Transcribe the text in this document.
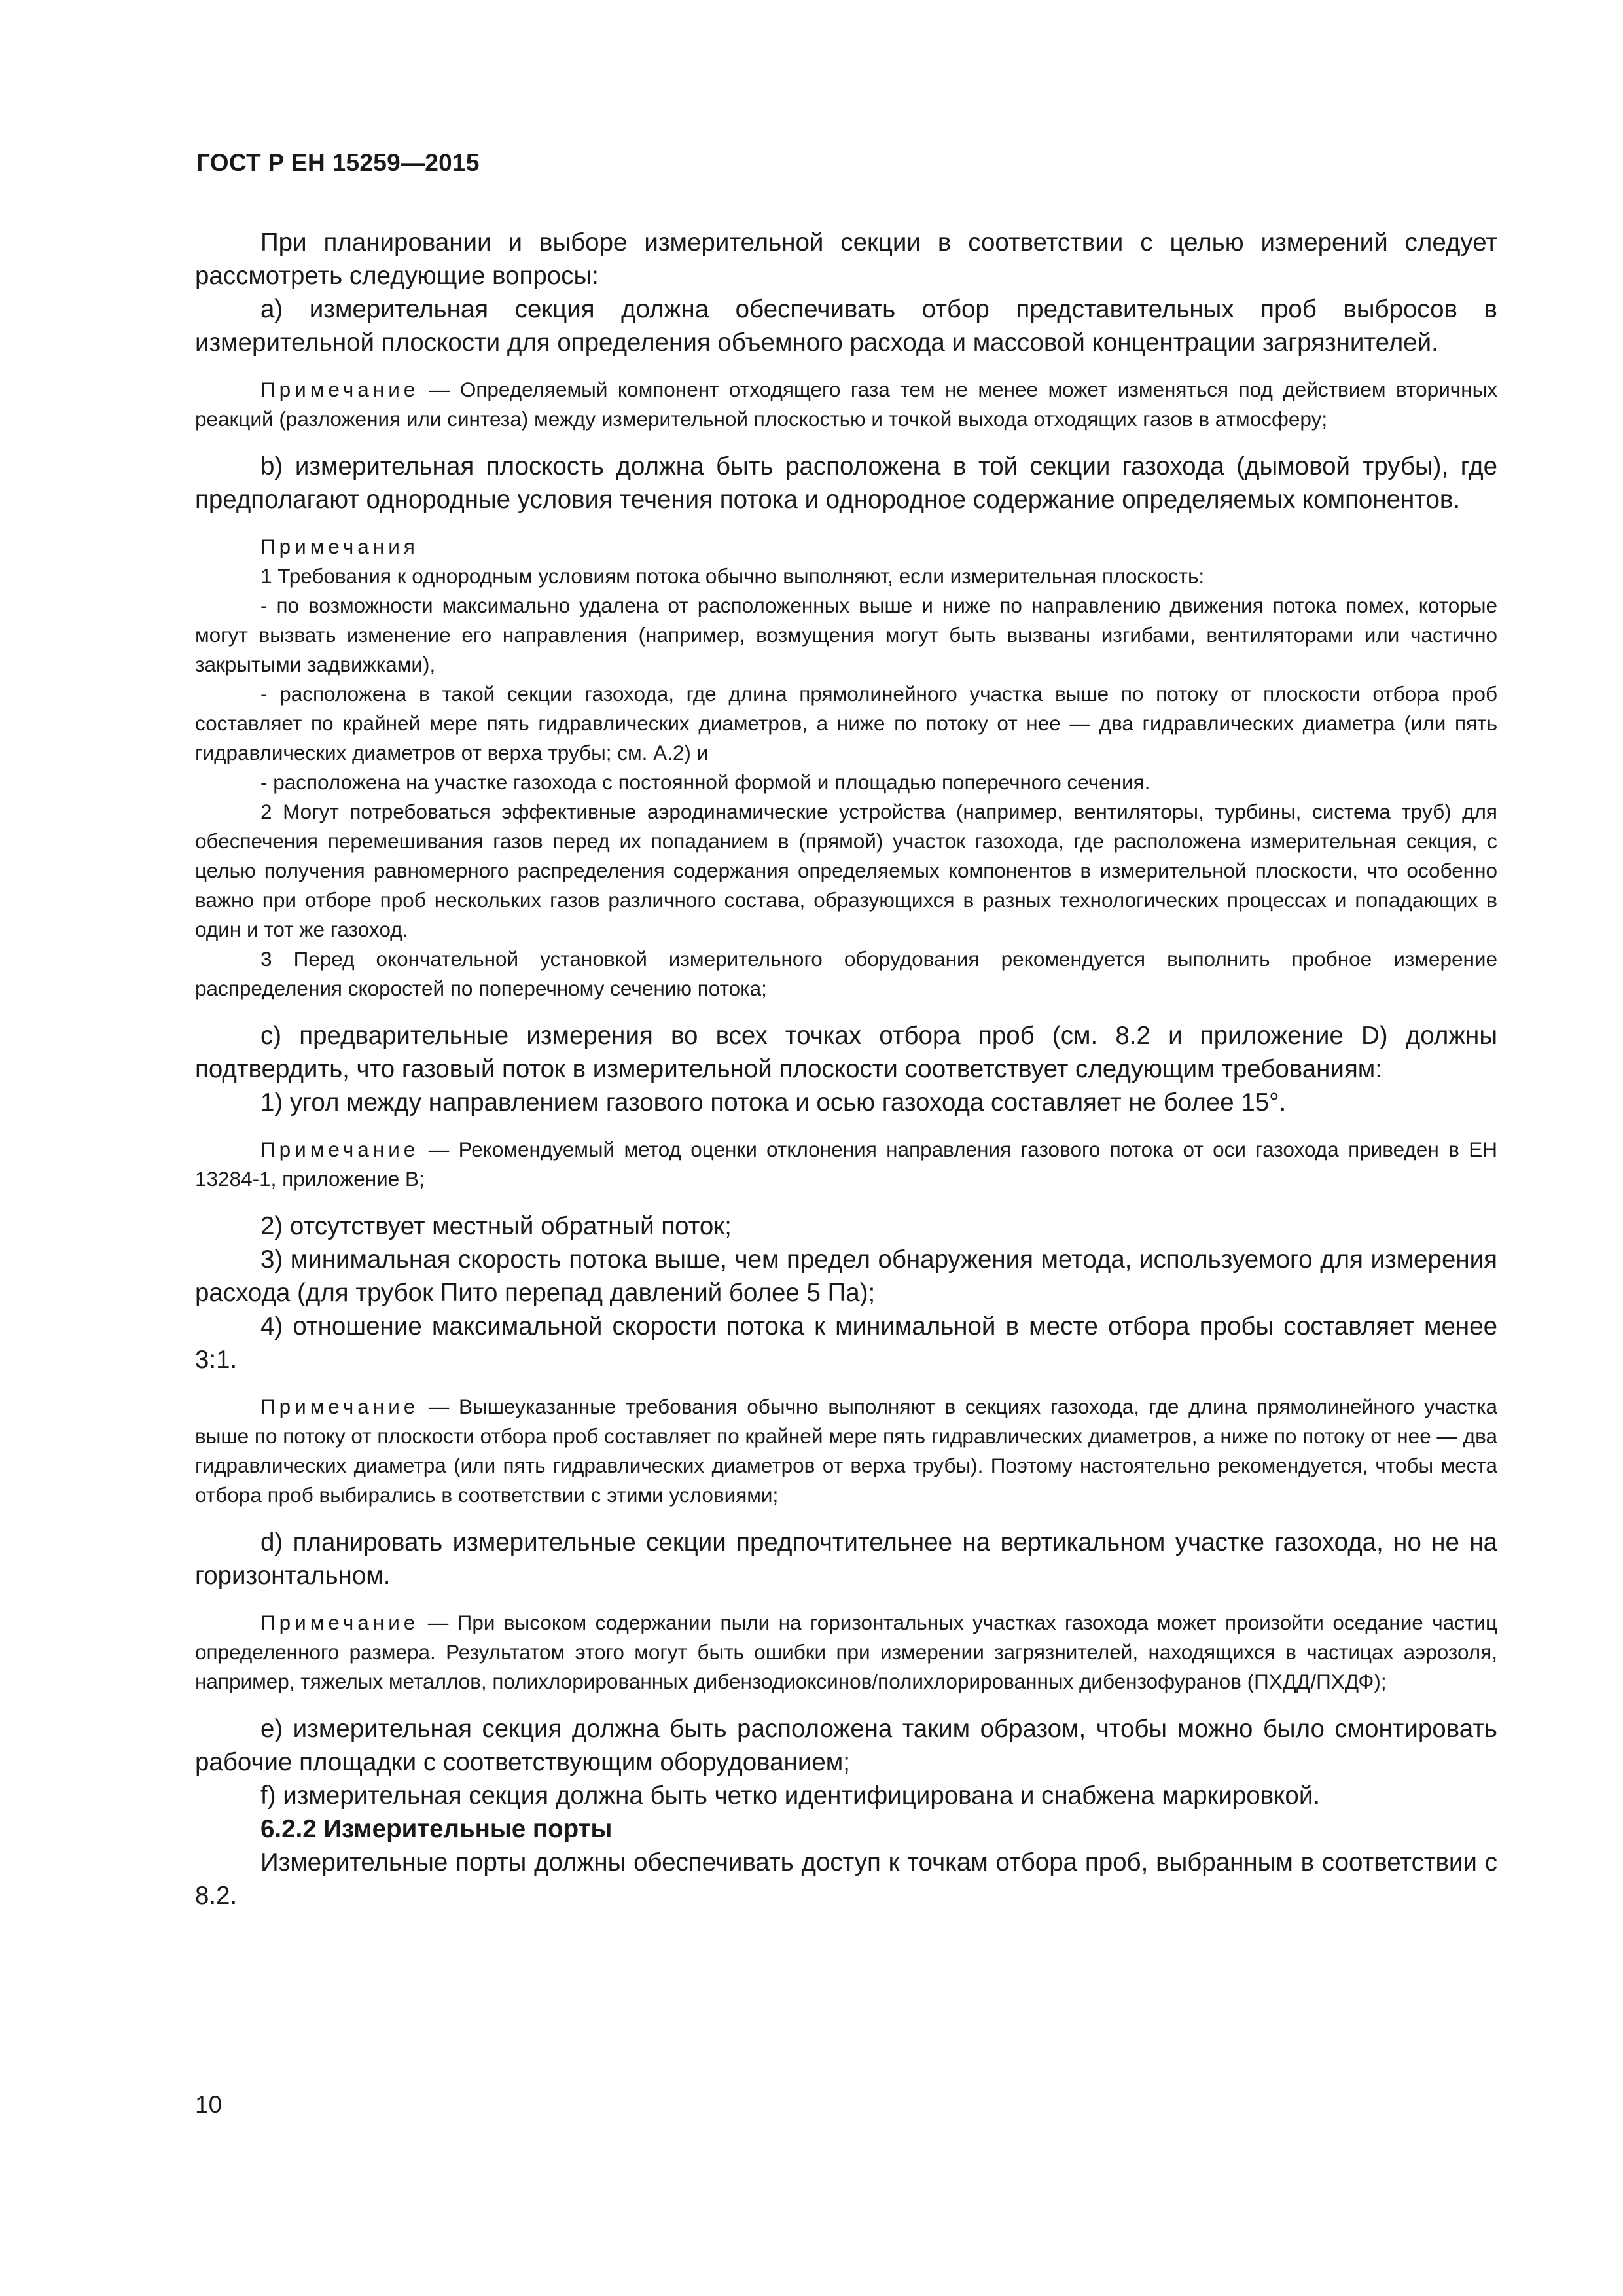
ГОСТ Р ЕН 15259—2015

При планировании и выборе измерительной секции в соответствии с целью измерений следует рассмотреть следующие вопросы:

а) измерительная секция должна обеспечивать отбор представительных проб выбросов в измерительной плоскости для определения объемного расхода и массовой концентрации загрязнителей.

Примечание — Определяемый компонент отходящего газа тем не менее может изменяться под действием вторичных реакций (разложения или синтеза) между измерительной плоскостью и точкой выхода отходящих газов в атмосферу;

b) измерительная плоскость должна быть расположена в той секции газохода (дымовой трубы), где предполагают однородные условия течения потока и однородное содержание определяемых компонентов.

Примечания

1 Требования к однородным условиям потока обычно выполняют, если измерительная плоскость:

- по возможности максимально удалена от расположенных выше и ниже по направлению движения потока помех, которые могут вызвать изменение его направления (например, возмущения могут быть вызваны изгибами, вентиляторами или частично закрытыми задвижками),

- расположена в такой секции газохода, где длина прямолинейного участка выше по потоку от плоскости отбора проб составляет по крайней мере пять гидравлических диаметров, а ниже по потоку от нее — два гидравлических диаметра (или пять гидравлических диаметров от верха трубы; см. А.2) и

- расположена на участке газохода с постоянной формой и площадью поперечного сечения.

2 Могут потребоваться эффективные аэродинамические устройства (например, вентиляторы, турбины, система труб) для обеспечения перемешивания газов перед их попаданием в (прямой) участок газохода, где расположена измерительная секция, с целью получения равномерного распределения содержания определяемых компонентов в измерительной плоскости, что особенно важно при отборе проб нескольких газов различного состава, образующихся в разных технологических процессах и попадающих в один и тот же газоход.

3 Перед окончательной установкой измерительного оборудования рекомендуется выполнить пробное измерение распределения скоростей по поперечному сечению потока;

с) предварительные измерения во всех точках отбора проб (см. 8.2 и приложение D) должны подтвердить, что газовый поток в измерительной плоскости соответствует следующим требованиям:

1) угол между направлением газового потока и осью газохода составляет не более 15°.

Примечание — Рекомендуемый метод оценки отклонения направления газового потока от оси газохода приведен в ЕН 13284-1, приложение В;

2) отсутствует местный обратный поток;

3) минимальная скорость потока выше, чем предел обнаружения метода, используемого для измерения расхода (для трубок Пито перепад давлений более 5 Па);

4) отношение максимальной скорости потока к минимальной в месте отбора пробы составляет менее 3:1.

Примечание — Вышеуказанные требования обычно выполняют в секциях газохода, где длина прямолинейного участка выше по потоку от плоскости отбора проб составляет по крайней мере пять гидравлических диаметров, а ниже по потоку от нее — два гидравлических диаметра (или пять гидравлических диаметров от верха трубы). Поэтому настоятельно рекомендуется, чтобы места отбора проб выбирались в соответствии с этими условиями;

d) планировать измерительные секции предпочтительнее на вертикальном участке газохода, но не на горизонтальном.

Примечание — При высоком содержании пыли на горизонтальных участках газохода может произойти оседание частиц определенного размера. Результатом этого могут быть ошибки при измерении загрязнителей, находящихся в частицах аэрозоля, например, тяжелых металлов, полихлорированных дибензодиоксинов/полихлорированных дибензофуранов (ПХДД/ПХДФ);

е) измерительная секция должна быть расположена таким образом, чтобы можно было смонтировать рабочие площадки с соответствующим оборудованием;

f) измерительная секция должна быть четко идентифицирована и снабжена маркировкой.

6.2.2 Измерительные порты

Измерительные порты должны обеспечивать доступ к точкам отбора проб, выбранным в соответствии с 8.2.

10
